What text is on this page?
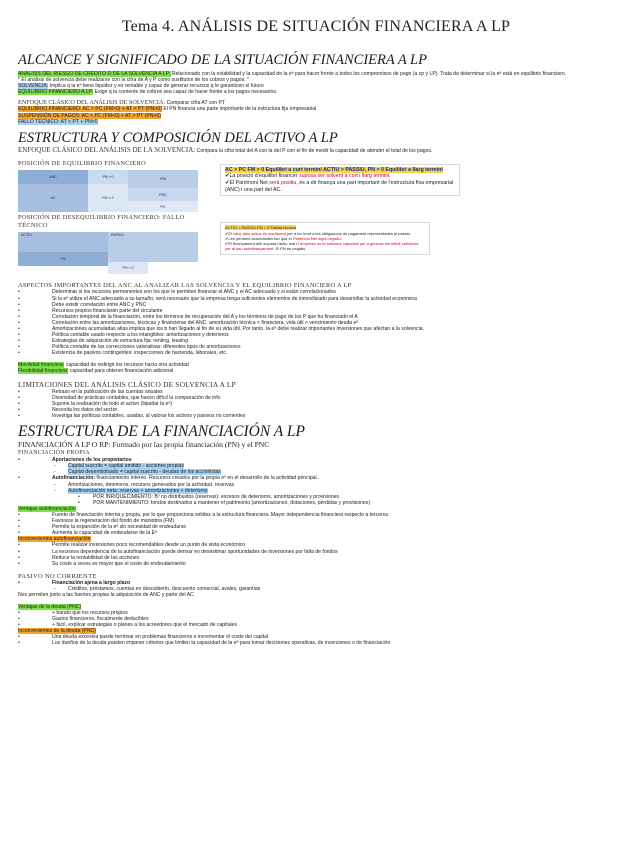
Tema 4. ANÁLISIS DE SITUACIÓN FINANCIERA A LP
ALCANCE Y SIGNIFICADO DE LA SITUACIÓN FINANCIERA A LP
ANÁLISIS DEL RIESGO DE CRÉDITO O DE LA SOLVENCIA A LP: Relacionado con la estabilidad y la capacidad de la eª para hacer frente a todos los compromisos de pago (a cp y LP). Trata de determinar si la eª está en equilibrio financiero.
* El análisis de solvencia debe realizarse con la cifra de A y P como sustitutos de los cobros y pagos. *
SOLVENCIA: Implica q la eª tiene liquidez y es rentable y capaz de generar recursos q le garanticen el futuro
EQUILIBRIO FINANCIERO A LP: Exige q la corriente de cobros sea capaz de hacer frente a los pagos necesarios.
ENFOQUE CLÁSICO DEL ANÁLISIS DE SOLVENCIA: Comparar cifra AT con PT
EQUILIBRIO FINANCIERO: AC > PC (FM>0) + AT > PT (PN>0) El PN financia una parte importante de la estructura fija empresarial
SUSPENSIÓN DE PAGOS: AC < PC (FM<0) + AT > PT (PN>0)
FALLO TÉCNICO: AT < PT + PN<0
ESTRUCTURA Y COMPOSICIÓN DEL ACTIVO A LP
ENFOQUE CLÁSICO DEL ANÁLISIS DE LA SOLVENCIA: Compara la cifra total del A con la del P con el fin de medir la capacidad de atender el total de los pagos.
POSICIÓN DE EQUILIBRIO FINANCIERO
ANC	PN > 0	PNl
AC	FM > 0
PNC
PC
AC > PC FM > 0 Equilibri a curt termini ACTIU > PASSIU, PN > 0 Equilibri a llarg termini
✔La posició d’equilibri financer suposa ser solvent a curt i llarg termini.
✔El Patrimoni Net serà positiu, és a dir finança una part important de l’estructura fixa empresarial (ANC) i una part del AC.
POSICIÓN DE DESEQUILIBRIO FINANCIERO: FALLO TÉCNICO
ACTIU	PASSIU
PN
PN < 0
ACTIU < PASSIU PN < 0 Fallida tècnica
✔El valor dels actius és insuficient per a fer front a les obligacions de pagament representades al passiu.
✔Les pèrdues acumulades fan que el Patrimoni Net sigui negatiu.
✔El finançament alié suposa l’actiu real i l’empresa no té suficient capacitat per a generar beneficis suficients per al seu autofinançament. El PN és negatiu.
ASPECTOS IMPORTANTES DEL ANC AL ANALIZAR LAS SOLVENCIA Y EL EQUILIBRIO FINANCIERO A LP
• Determinar si los recursos permanentes son los que le permiten financiar el ANC y el AC adecuado y si están correlacionados
• Si la eª utiliza el ANC adecuado a su tamaño, será necesario que la empresa tenga suficientes elementos de inmovilizado para desarrollar la actividad económica
• Debe existir correlación entre ANC y PNC
• Recursos propios financiarán parte del circulante
• Correlación temporal de la financiación, entre los términos de recuperación del A y los términos de pago de los P que ha financiado el A
• Correlación entre las amortizaciones, técnicas y financieras del ANC: amortización técnica < financiera, vida útil > vencimiento deuda eª
• Amortizaciones acumuladas altas implica que los b han llegado al fin de su vida útil. Por tanto, la eª debe realizar importantes inversiones que afectan a la solvencia.
• Política contable usado respecto a los intangibles: amortizaciones y deterioros
• Estrategias de adquisición de estructura fija: renting, leasing
• Política contable de las correcciones valorativas: diferentes tipos de amortizaciones
• Existencia de pasivos contingentes: inspecciones de hacienda, laborales, etc.
Movilidad financiera: capacidad de redirigir los recursos hacia otra actividad
Flexibilidad financiera: capacidad para obtener financiación adicional
LIMITACIONES DEL ANÁLISIS CLÁSICO DE SOLVENCIA A LP
• Retraso en la publicación de las cuentas anuales
• Diversidad de prácticas contables, que hacen difícil la comparación de info
• Supone la realización de todo el activo (liquidar la eª)
• Necesita los datos del sector
• Investiga las políticas contables, usadas, al valorar los activos y pasivos no corrientes
ESTRUCTURA DE LA FINANCIACIÓN A LP
FINANCIACIÓN A LP O RP: Formado por las propia financiación (PN) y el PNC
FINANCIACIÓN PROPIA
• Aportaciones de los propietarios
- Capital suscrito = capital emitido - acciones propias
- Capital desembolsado = capital suscrito - deudas de los accionistas
• Autofinanciación: financiamiento interno. Recursos creados por la propia eª en el desarrollo de la actividad principal..
- Amortizaciones, deterioros, recursos generados por la actividad, reservas
- Autofinanciación neta: reservas + amortizaciones + deterioros
• POR INRIQUECIMIENTO: Bº no distribuidos (reservas): excesos de deterioros, amortizaciones y provisiones
• POR MANTENIMIENTO: fondos destinados a mantener el patrimonio (amortizaciones, dotaciones, pérdidas y provisiones)
Ventajas autofinanciación
• Fuente de financiación interna y propia, por lo que proporciona solidez a la estructura financiera. Mayor independencia financiera respecto a terceros.
• Favorece la regeneración del fondo de maniobra (FM)
• Permite la expansión de la eª sin necesidad de endeudarse
• Aumenta la capacidad de endeudarse de la Eª
Inconvenientes autofinanciación
• Permite realizar inversiones poco recomendables desde un punto de vista económico
• La excesiva dependencia de la autofinanciación puede derivar en desestimar oportunidades de inversiones por falta de fondos
• Reduce la rentabilidad de las acciones
• Su coste a veces es mayor que el coste de endeudamiento
PASIVO NO CORRIENTE
• Financiación ajena a largo plazo
- Créditos, préstamos, cuentas en descubierto, descuento comercial, avales, garantías
Nos permiten junto a las fuentes propias la adquisición de ANC y parte del AC
Ventajas de la deuda (PNC)
• + barato que los recursos propios
• Gastos financieros, fiscalmente deducibles
• + fácil, explicar estrategias o planes a los acreedores que el mercado de capitales
Inconvenientes de la deuda (PNC)
• Una deuda excesiva puede terminar en problemas financieros e incrementar el coste del capital
• Los dueños de la deuda pueden imponer criterios que limiten la capacidad de la eª para tomar decisiones operativas, de inversiones o de financiación
